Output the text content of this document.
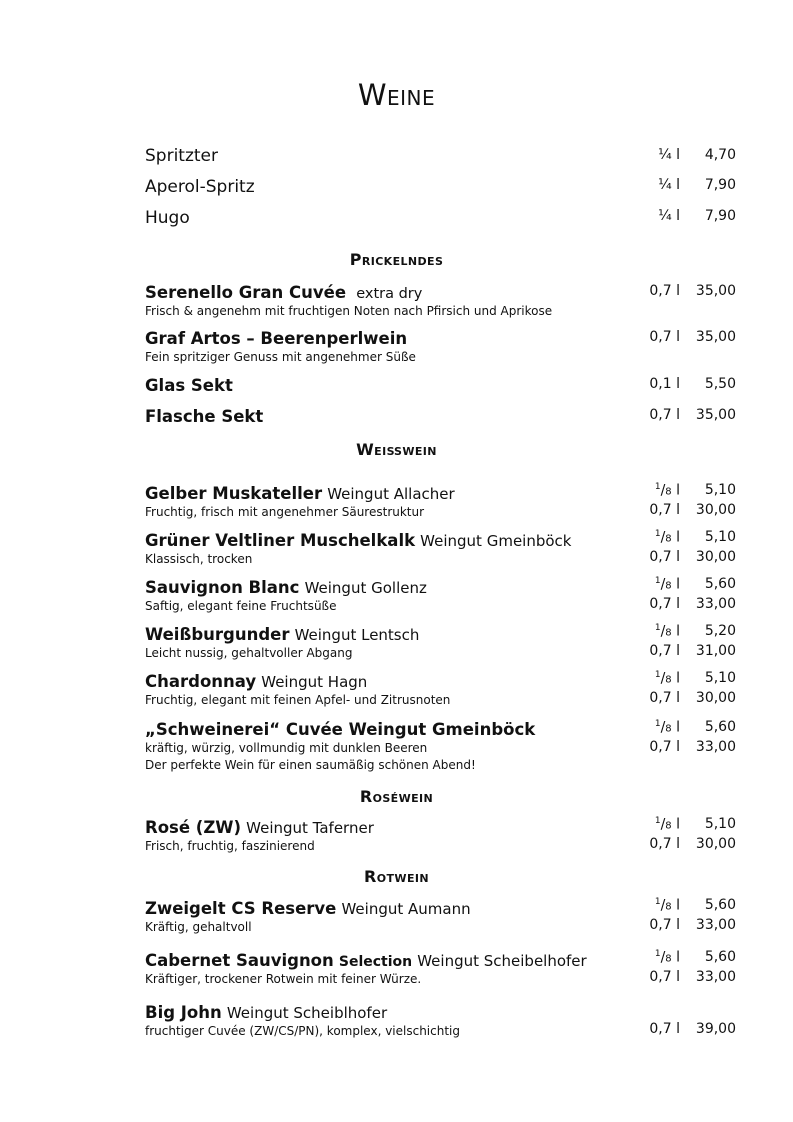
Weine
Spritzter	¼ l	4,70
Aperol-Spritz	¼ l	7,90
Hugo	¼ l	7,90
Prickelndes
Serenello Gran Cuvée extra dry
Frisch & angenehm mit fruchtigen Noten nach Pfirsich und Aprikose
0,7 l	35,00
Graf Artos – Beerenperlwein
Fein spritziger Genuss mit angenehmer Süße
0,7 l	35,00
Glas Sekt	0,1 l	5,50
Flasche Sekt	0,7 l	35,00
Weißwein
Gelber Muskateller Weingut Allacher
Fruchtig, frisch mit angenehmer Säurestruktur
$^1$/8 l	5,10
0,7 l	30,00
Grüner Veltliner Muschelkalk Weingut Gmeinböck
Klassisch, trocken
$^1$/8 l	5,10
0,7 l	30,00
Sauvignon Blanc Weingut Gollenz
Saftig, elegant feine Fruchtsüße
$^1$/8 l	5,60
0,7 l	33,00
Weißburgunder Weingut Lentsch
Leicht nussig, gehaltvoller Abgang
$^1$/8 l	5,20
0,7 l	31,00
Chardonnay Weingut Hagn
Fruchtig, elegant mit feinen Apfel- und Zitrusnoten
$^1$/8 l	5,10
0,7 l	30,00
„Schweinerei“ Cuvée Weingut Gmeinböck
kräftig, würzig, vollmundig mit dunklen Beeren
Der perfekte Wein für einen saumäßig schönen Abend!
$^1$/8 l	5,60
0,7 l	33,00
Roséwein
Rosé (ZW) Weingut Taferner
Frisch, fruchtig, faszinierend
$^1$/8 l	5,10
0,7 l	30,00
Rotwein
Zweigelt CS Reserve Weingut Aumann
Kräftig, gehaltvoll
$^1$/8 l	5,60
0,7 l	33,00
Cabernet Sauvignon Selection Weingut Scheibelhofer
Kräftiger, trockener Rotwein mit feiner Würze.
$^1$/8 l	5,60
0,7 l	33,00
Big John Weingut Scheiblhofer
fruchtiger Cuvée (ZW/CS/PN), komplex, vielschichtig	0,7 l	39,00
